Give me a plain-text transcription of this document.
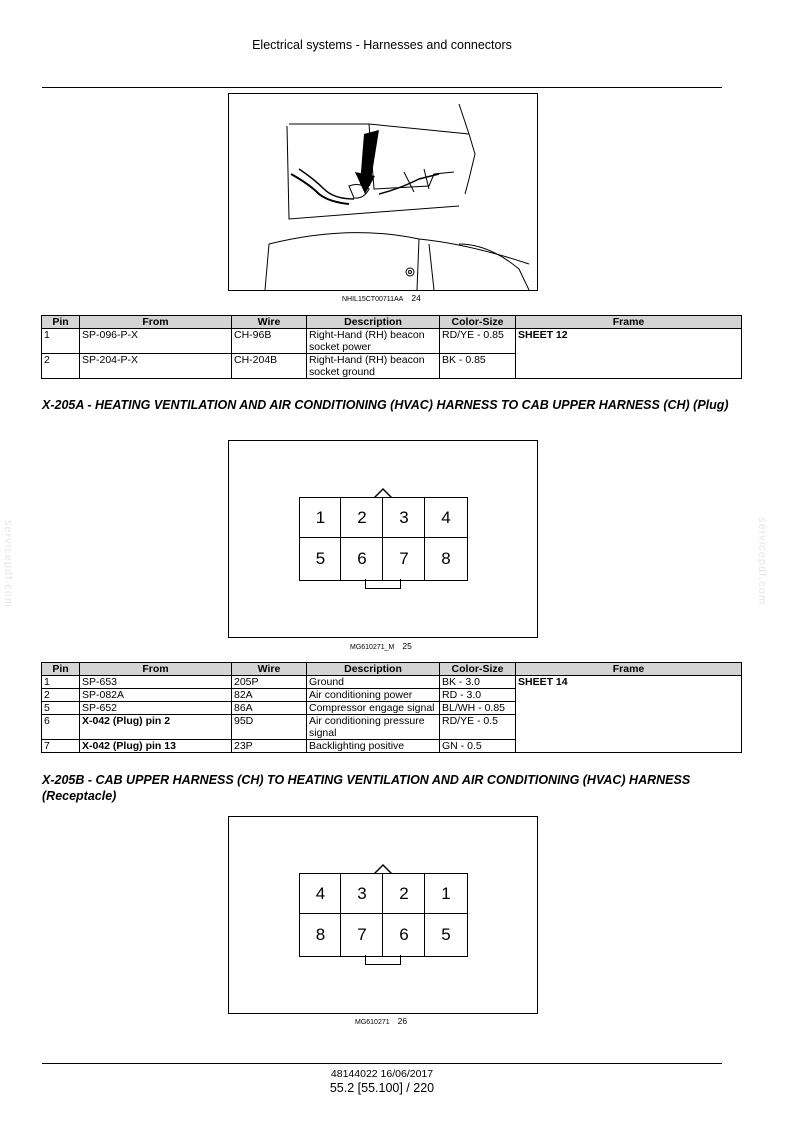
Electrical systems - Harnesses and connectors
servicepdf.com	servicepdf.com
NHIL15CT00711AA 24
Pin	From	Wire	Description	Color-Size	Frame
1	SP-096-P-X	CH-96B	Right-Hand (RH) beacon socket power	RD/YE - 0.85	SHEET 12
2	SP-204-P-X	CH-204B	Right-Hand (RH) beacon socket ground	BK - 0.85	
X-205A - HEATING VENTILATION AND AIR CONDITIONING (HVAC) HARNESS TO CAB UPPER HARNESS (CH) (Plug)
1	2	3	4
5	6	7	8
MG610271_M 25
Pin	From	Wire	Description	Color-Size	Frame
1	SP-653	205P	Ground	BK - 3.0	SHEET 14
2	SP-082A	82A	Air conditioning power	RD - 3.0	
5	SP-652	86A	Compressor engage signal	BL/WH - 0.85	
6	X-042 (Plug) pin 2	95D	Air conditioning pressure signal	RD/YE - 0.5	
7	X-042 (Plug) pin 13	23P	Backlighting positive	GN - 0.5	
X-205B - CAB UPPER HARNESS (CH) TO HEATING VENTILATION AND AIR CONDITIONING (HVAC) HARNESS (Receptacle)
4	3	2	1
8	7	6	5
MG610271 26
48144022 16/06/2017
55.2 [55.100] / 220
